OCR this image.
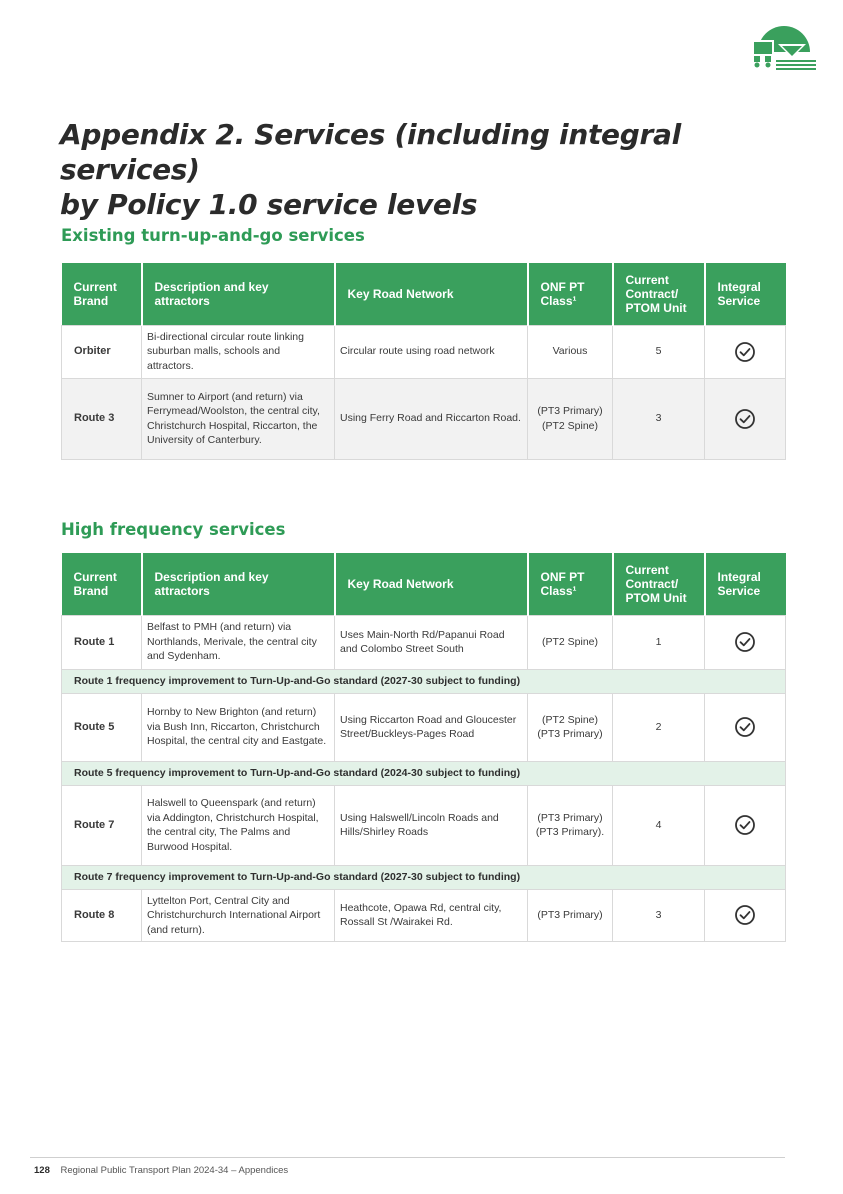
Appendix 2. Services (including integral services)
by Policy 1.0 service levels
Existing turn-up-and-go services
Current Brand	Description and key attractors	Key Road Network	ONF PT Class¹	Current Contract/ PTOM Unit	Integral Service
Orbiter	Bi-directional circular route linking suburban malls, schools and attractors.	Circular route using road network	Various	5	
Route 3	Sumner to Airport (and return) via Ferrymead/Woolston, the central city, Christchurch Hospital, Riccarton, the University of Canterbury.	Using Ferry Road and Riccarton Road.	(PT3 Primary) (PT2 Spine)	3	
High frequency services
Current Brand	Description and key attractors	Key Road Network	ONF PT Class¹	Current Contract/ PTOM Unit	Integral Service
Route 1	Belfast to PMH (and return) via Northlands, Merivale, the central city and Sydenham.	Uses Main-North Rd/Papanui Road and Colombo Street South	(PT2 Spine)	1	
Route 1 frequency improvement to Turn-Up-and-Go standard (2027-30 subject to funding)					
Route 5	Hornby to New Brighton (and return) via Bush Inn, Riccarton, Christchurch Hospital, the central city and Eastgate.	Using Riccarton Road and Gloucester Street/Buckleys-Pages Road	(PT2 Spine) (PT3 Primary)	2	
Route 5 frequency improvement to Turn-Up-and-Go standard (2024-30 subject to funding)					
Route 7	Halswell to Queenspark (and return) via Addington, Christchurch Hospital, the central city, The Palms and Burwood Hospital.	Using Halswell/Lincoln Roads and Hills/Shirley Roads	(PT3 Primary) (PT3 Primary).	4	
Route 7 frequency improvement to Turn-Up-and-Go standard (2027-30 subject to funding)					
Route 8	Lyttelton Port, Central City and Christchurchurch International Airport (and return).	Heathcote, Opawa Rd, central city, Rossall St /Wairakei Rd.	(PT3 Primary)	3	
128 Regional Public Transport Plan 2024-34 – Appendices
